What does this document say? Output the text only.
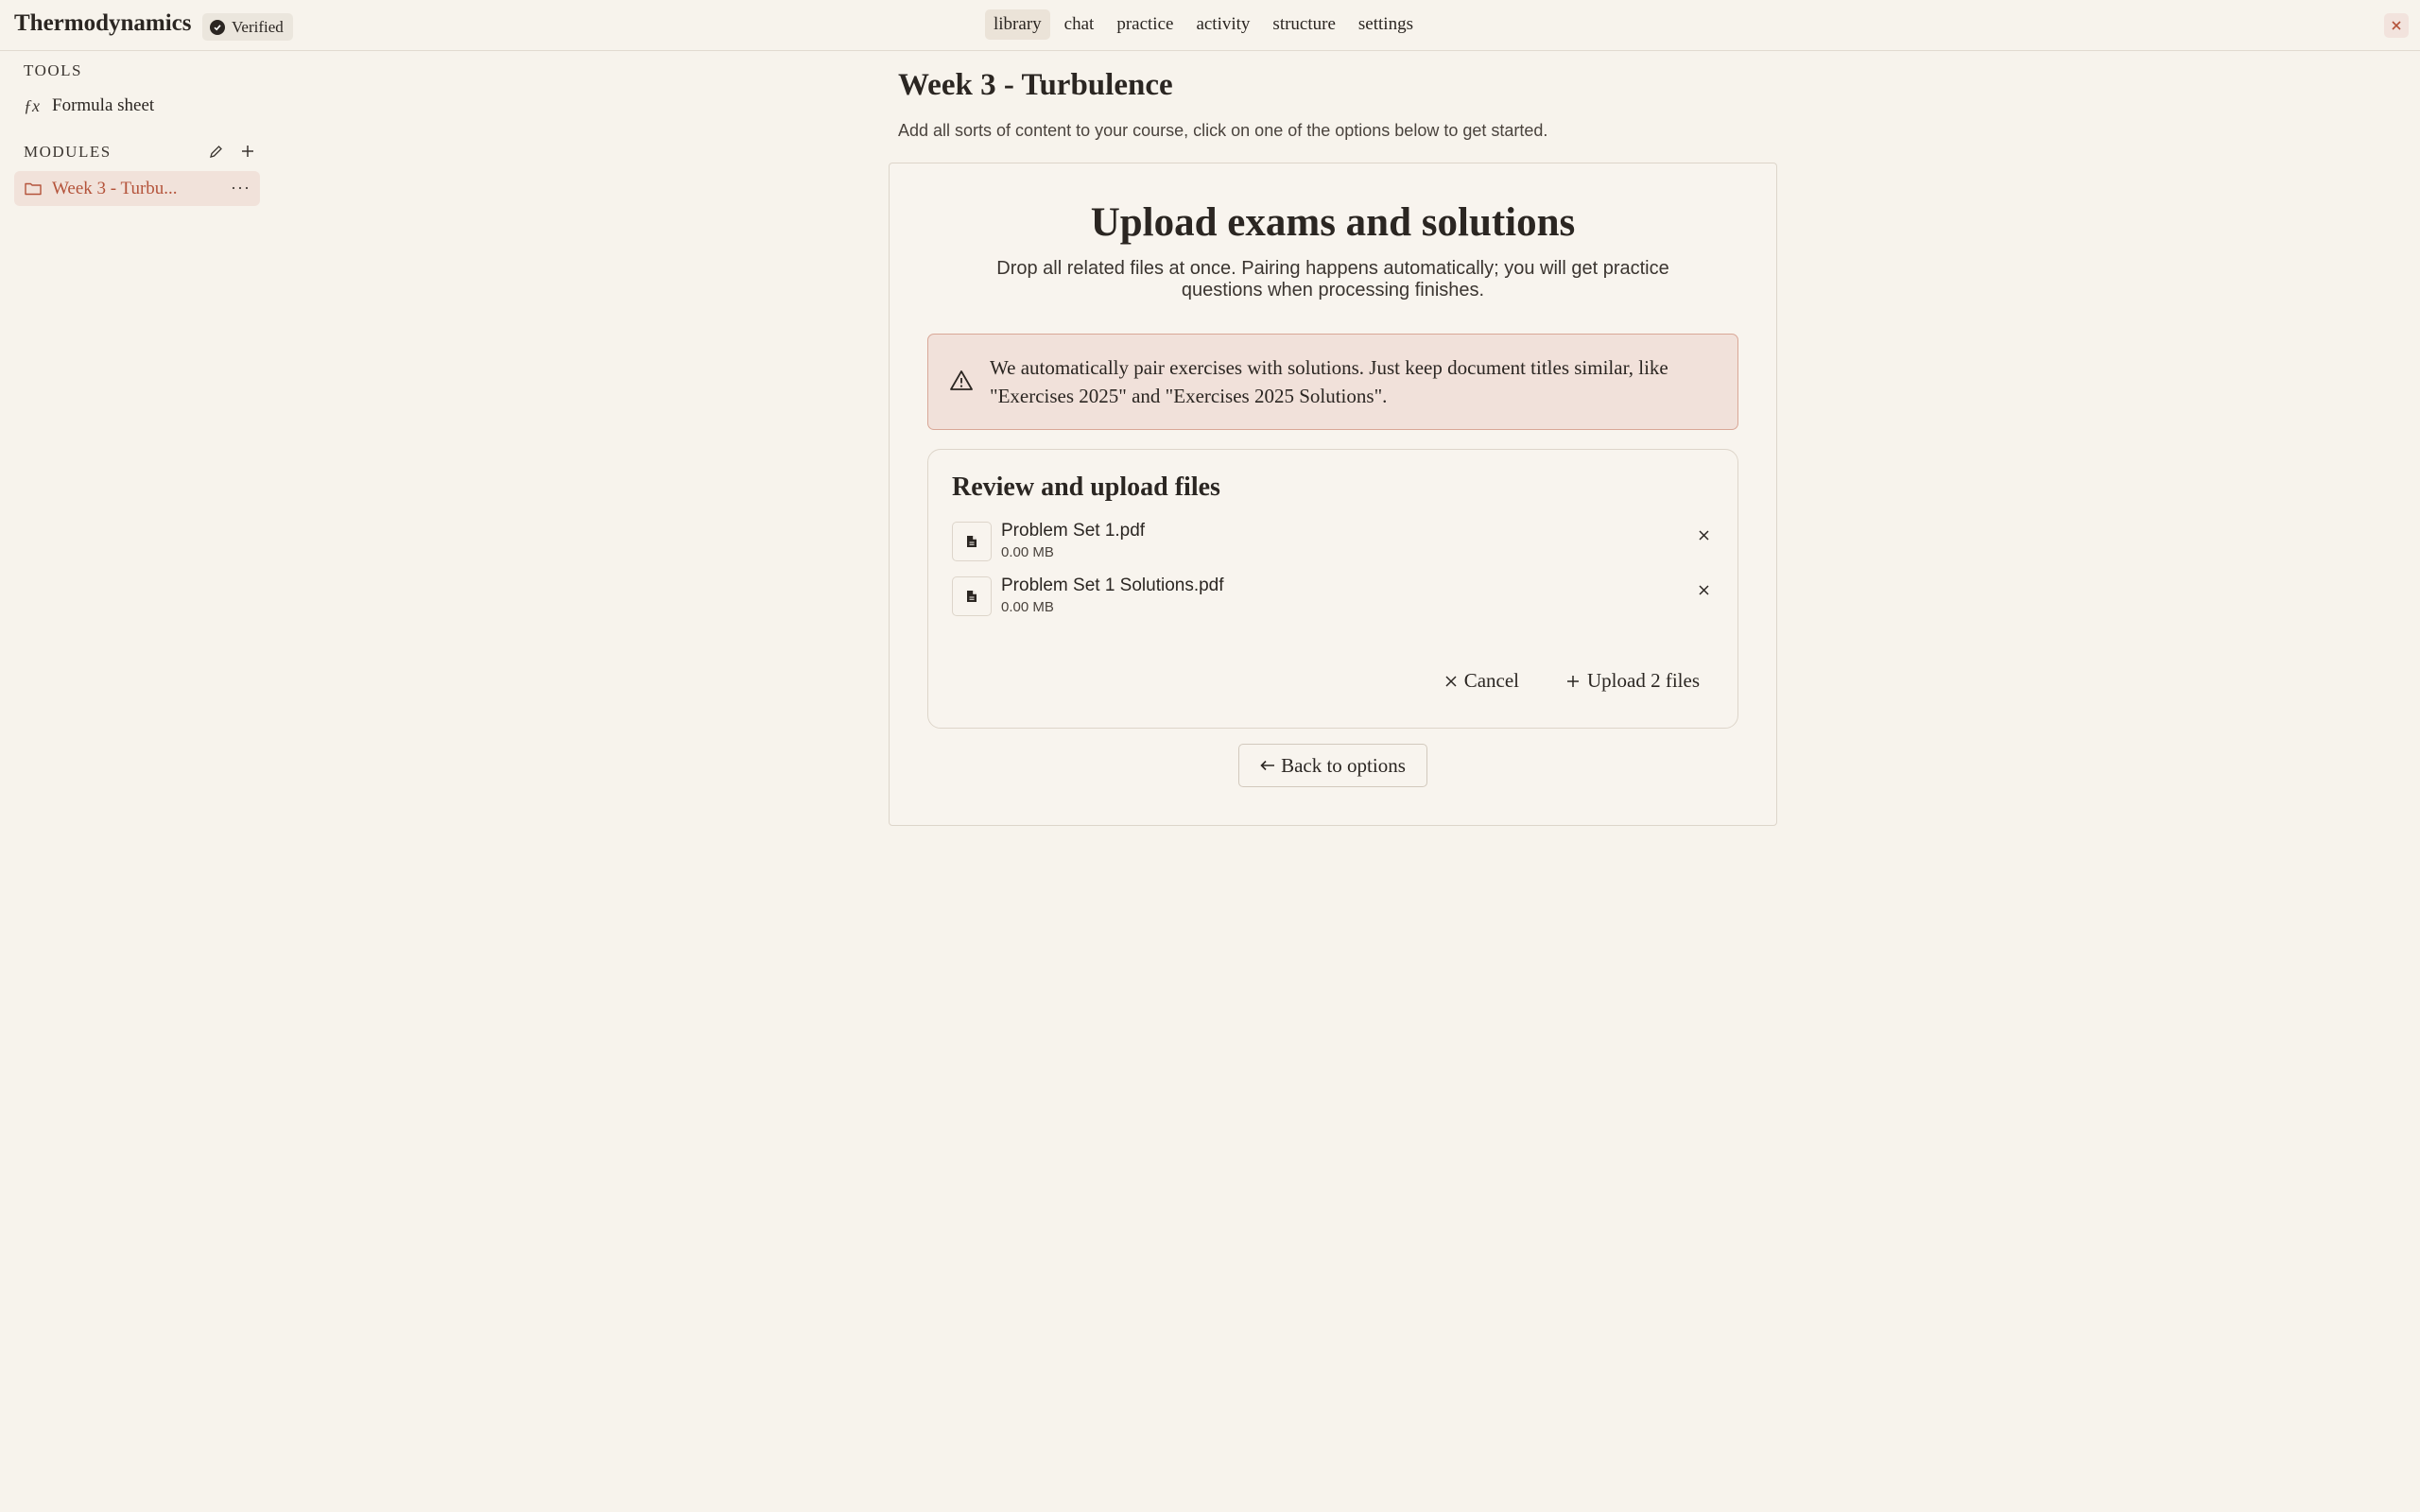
Thermodynamics	Verified	library	chat	practice	activity	structure	settings
TOOLS
ƒx Formula sheet
MODULES
Week 3 - Turbu...	···
Week 3 - Turbulence
Add all sorts of content to your course, click on one of the options below to get started.
Upload exams and solutions
Drop all related files at once. Pairing happens automatically; you will get practice questions when processing finishes.
We automatically pair exercises with solutions. Just keep document titles similar, like "Exercises 2025" and "Exercises 2025 Solutions".
Review and upload files
Problem Set 1.pdf
0.00 MB
Problem Set 1 Solutions.pdf
0.00 MB
Cancel	Upload 2 files
Back to options
